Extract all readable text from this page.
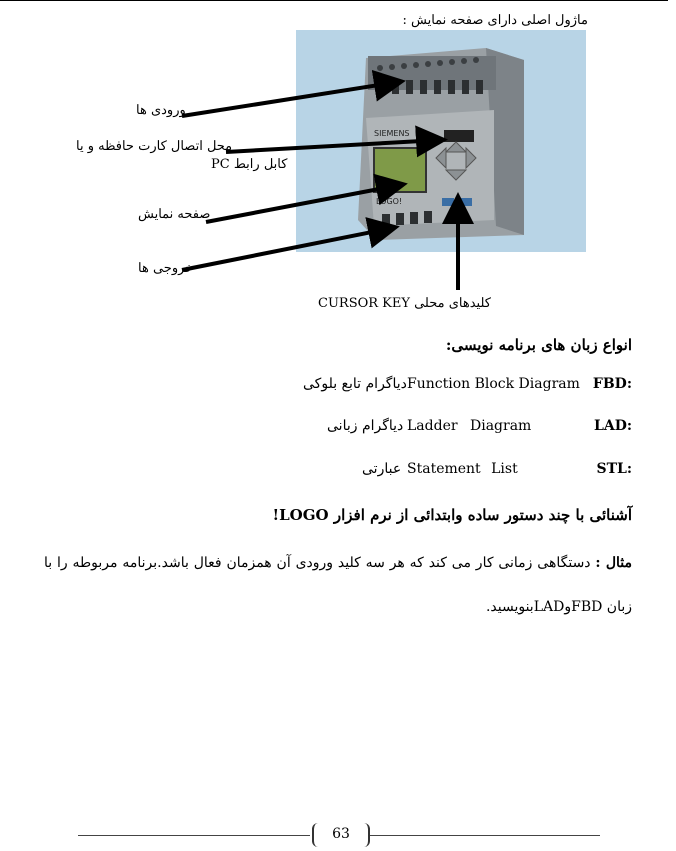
ماژول اصلی دارای صفحه نمایش :
SIEMENS
LOGO!
ورودی ها
محل اتصال کارت حافظه و یا
کابل رابط PC
صفحه نمایش
خروجی ها
کلیدهای محلی CURSOR KEY
انواع زبان های برنامه نویسی:
FBD:
Function Block Diagram
دیاگرام تابع بلوکی
LAD:
Ladder Diagram
دیاگرام زبانی
STL:
Statement List
عبارتی
آشنائی با چند دستور ساده وابتدائی از نرم افزار LOGO!
مثال : دستگاهی زمانی کار می کند که هر سه کلید ورودی آن همزمان فعال باشد.برنامه مربوطه را با زبان FBDوLADبنویسید.
63
